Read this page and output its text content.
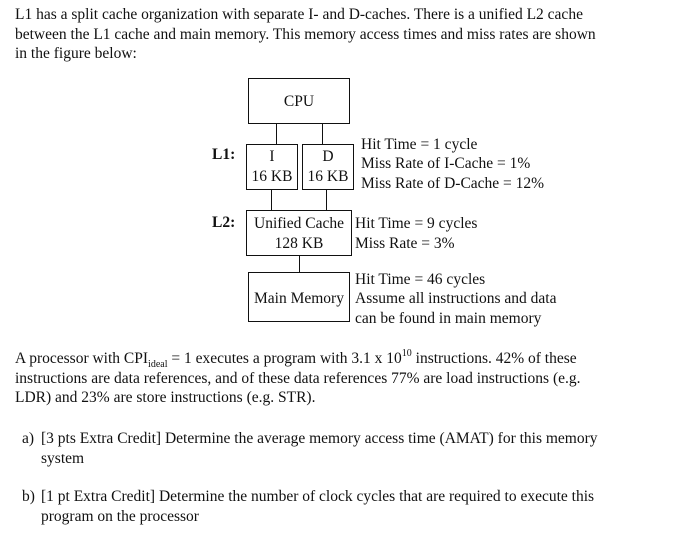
L1 has a split cache organization with separate I- and D-caches. There is a unified L2 cache
between the L1 cache and main memory. This memory access times and miss rates are shown
in the figure below:
CPU
L1:	I
16 KB
D
16 KB
Hit Time = 1 cycle
Miss Rate of I-Cache = 1%
Miss Rate of D-Cache = 12%
L2:	Unified Cache
128 KB
Hit Time = 9 cycles
Miss Rate = 3%
Main Memory
Hit Time = 46 cycles
Assume all instructions and data
can be found in main memory
A processor with $CPI_{ideal} = 1$ executes a program with 3.1 x $10^{10}$ instructions. 42% of these
instructions are data references, and of these data references 77% are load instructions (e.g.
LDR) and 23% are store instructions (e.g. STR).
a) [3 pts Extra Credit] Determine the average memory access time (AMAT) for this memory
system
b) [1 pt Extra Credit] Determine the number of clock cycles that are required to execute this
program on the processor
